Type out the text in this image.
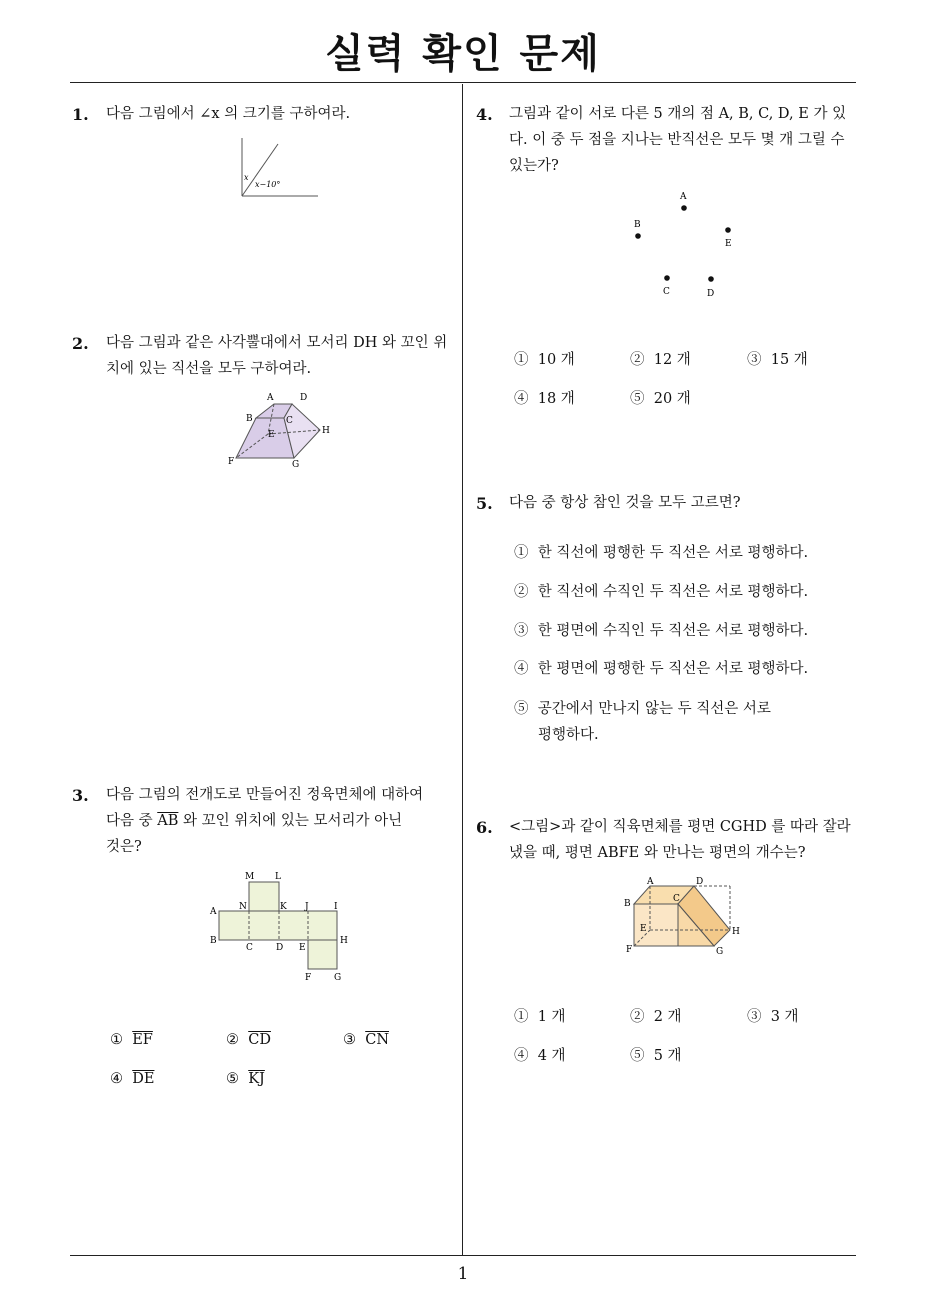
실력 확인 문제
1
1. 다음 그림에서 ∠x 의 크기를 구하여라.
x
x−10°
2. 다음 그림과 같은 사각뿔대에서 모서리 DH 와 꼬인 위치에 있는 직선을 모두 구하여라.
A	D
B	C
E	H
F	G
3. 다음 그림의 전개도로 만들어진 정육면체에 대하여
다음 중 $\overline{AB}$ 와 꼬인 위치에 있는 모서리가 아닌
것은?
M L
N	K J	I
A
B
C	D E
H
F	G
① $\overline{EF}$	② $\overline{CD}$	③ $\overline{CN}$
④ $\overline{DE}$	⑤ $\overline{KJ}$
4. 그림과 같이 서로 다른 5 개의 점 A, B, C, D, E 가 있다. 이 중 두 점을 지나는 반직선은 모두 몇 개 그릴 수 있는가?
A
B
E
C	D
① 10 개	② 12 개	③ 15 개
④ 18 개	⑤ 20 개
5. 다음 중 항상 참인 것을 모두 고르면?
① 한 직선에 평행한 두 직선은 서로 평행하다.
② 한 직선에 수직인 두 직선은 서로 평행하다.
③ 한 평면에 수직인 두 직선은 서로 평행하다.
④ 한 평면에 평행한 두 직선은 서로 평행하다.
⑤ 공간에서 만나지 않는 두 직선은 서로
평행하다.
6. <그림>과 같이 직육면체를 평면 CGHD 를 따라 잘라냈을 때, 평면 ABFE 와 만나는 평면의 개수는?
A	D
B	C
E	H
F	G
① 1 개	② 2 개	③ 3 개
④ 4 개	⑤ 5 개
